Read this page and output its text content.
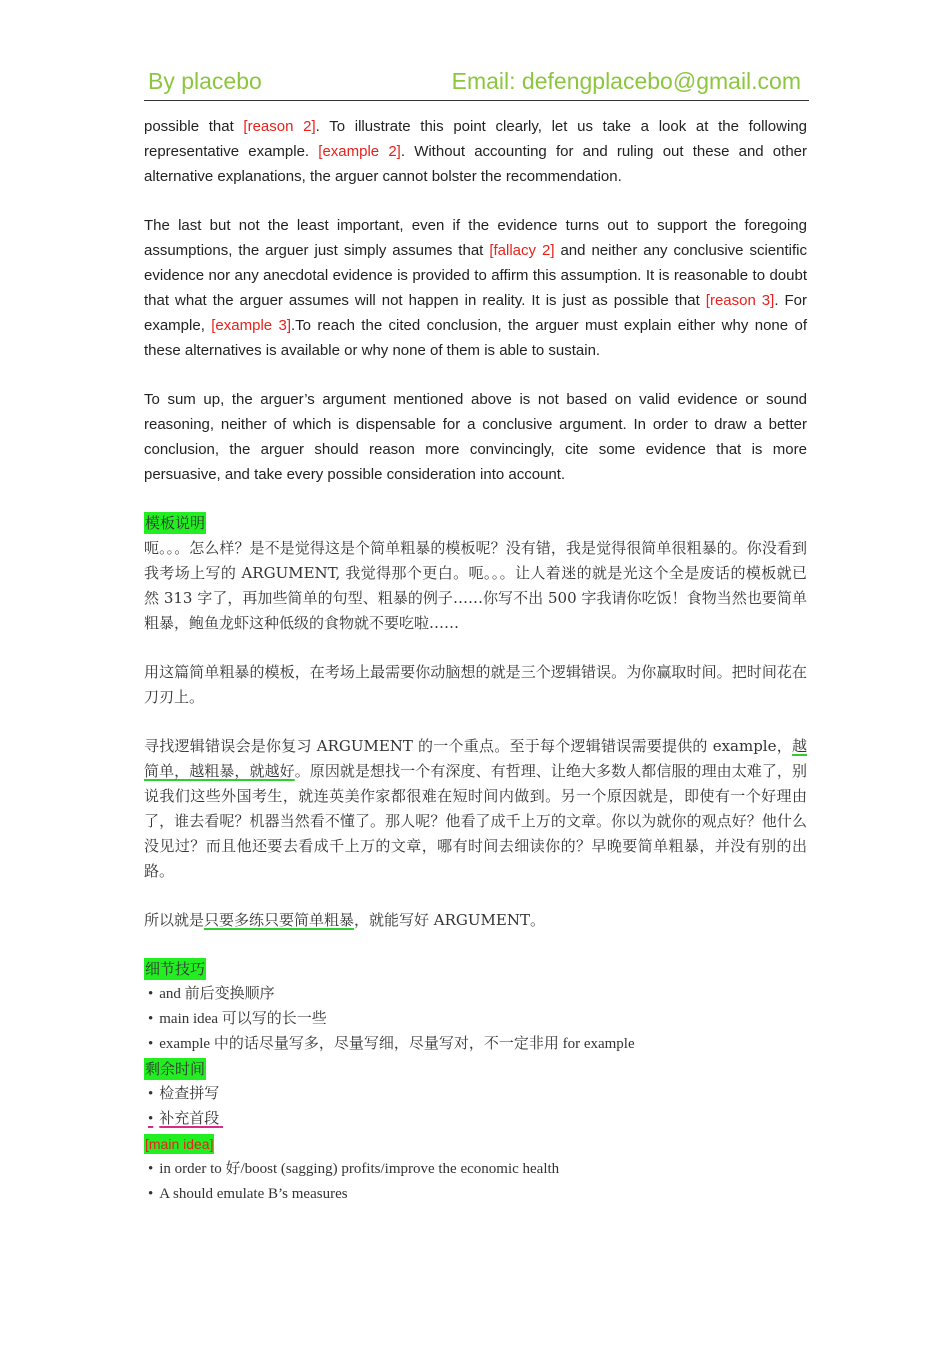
By placebo	Email: defengplacebo@gmail.com

possible that [reason 2]. To illustrate this point clearly, let us take a look at the following representative example. [example 2]. Without accounting for and ruling out these and other alternative explanations, the arguer cannot bolster the recommendation.

The last but not the least important, even if the evidence turns out to support the foregoing assumptions, the arguer just simply assumes that [fallacy 2] and neither any conclusive scientific evidence nor any anecdotal evidence is provided to affirm this assumption. It is reasonable to doubt that what the arguer assumes will not happen in reality. It is just as possible that [reason 3]. For example, [example 3].To reach the cited conclusion, the arguer must explain either why none of these alternatives is available or why none of them is able to sustain.

To sum up, the arguer’s argument mentioned above is not based on valid evidence or sound reasoning, neither of which is dispensable for a conclusive argument. In order to draw a better conclusion, the arguer should reason more convincingly, cite some evidence that is more persuasive, and take every possible consideration into account.

模板说明

呃。。。怎么样？是不是觉得这是个简单粗暴的模板呢？没有错，我是觉得很简单很粗暴的。你没看到我考场上写的 ARGUMENT, 我觉得那个更白。呃。。。让人着迷的就是光这个全是废话的模板就已然 313 字了，再加些简单的句型、粗暴的例子……你写不出 500 字我请你吃饭！食物当然也要简单粗暴，鲍鱼龙虾这种低级的食物就不要吃啦……

用这篇简单粗暴的模板，在考场上最需要你动脑想的就是三个逻辑错误。为你赢取时间。把时间花在刀刃上。

寻找逻辑错误会是你复习 ARGUMENT 的一个重点。至于每个逻辑错误需要提供的 example，越简单，越粗暴，就越好。原因就是想找一个有深度、有哲理、让绝大多数人都信服的理由太难了，别说我们这些外国考生，就连英美作家都很难在短时间内做到。另一个原因就是，即使有一个好理由了，谁去看呢？机器当然看不懂了。那人呢？他看了成千上万的文章。你以为就你的观点好？他什么没见过？而且他还要去看成千上万的文章，哪有时间去细读你的？早晚要简单粗暴，并没有别的出路。

所以就是只要多练只要简单粗暴，就能写好 ARGUMENT。

细节技巧
• and 前后变换顺序
• main idea 可以写的长一些
• example 中的话尽量写多，尽量写细，尽量写对，不一定非用 for example
剩余时间
• 检查拼写
• 补充首段
[main idea]
• in order to 好/boost (sagging) profits/improve the economic health
• A should emulate B’s measures
